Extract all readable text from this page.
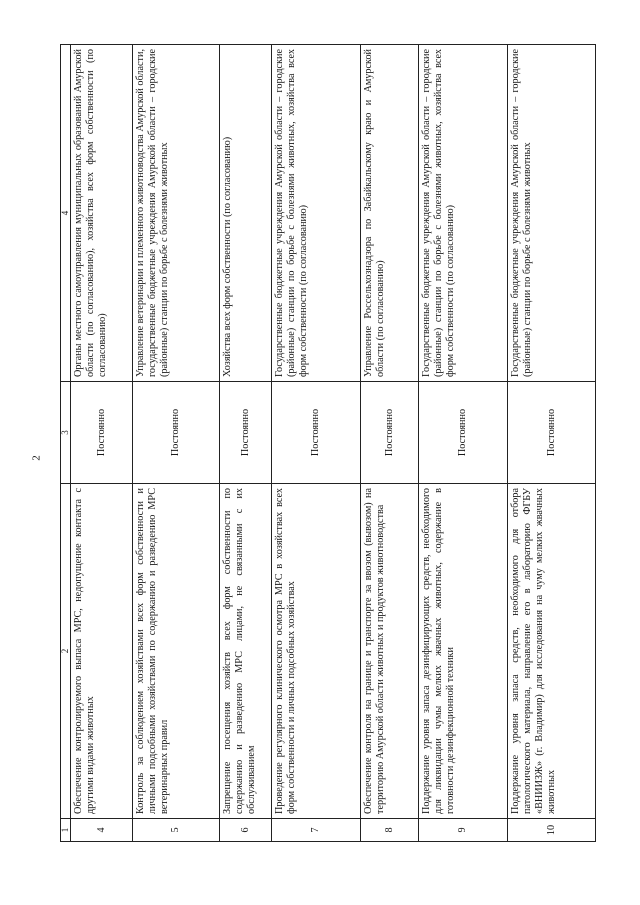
2
1	2	3	4
4	Обеспечение контролируемого выпаса МРС, недопущение контакта с другими видами животных	Постоянно	Органы местного самоуправления муниципальных образований Амурской области (по согласованию), хозяйства всех форм собственности (по согласованию)
5	Контроль за соблюдением хозяйствами всех форм собственности и личными подсобными хозяйствами по содержанию и разведению МРС ветеринарных правил	Постоянно	Управление ветеринарии и племенного животноводства Амурской области, государственные бюджетные учреждения Амурской области – городские (районные) станции по борьбе с болезнями животных
6	Запрещение посещения хозяйств всех форм собственности по содержанию и разведению МРС лицами, не связанными с их обслуживанием	Постоянно	Хозяйства всех форм собственности (по согласованию)
7	Проведение регулярного клинического осмотра МРС в хозяйствах всех форм собственности и личных подсобных хозяйствах	Постоянно	Государственные бюджетные учреждения Амурской области – городские (районные) станции по борьбе с болезнями животных, хозяйства всех форм собственности (по согласованию)
8	Обеспечение контроля на границе и транспорте за ввозом (вывозом) на территорию Амурской области животных и продуктов животноводства	Постоянно	Управление Россельхознадзора по Забайкальскому краю и Амурской области (по согласованию)
9	Поддержание уровня запаса дезинфицирующих средств, необходимого для ликвидации чумы мелких жвачных животных, содержание в готовности дезинфекционной техники	Постоянно	Государственные бюджетные учреждения Амурской области – городские (районные) станции по борьбе с болезнями животных, хозяйства всех форм собственности (по согласованию)
10	Поддержание уровня запаса средств, необходимого для отбора патологического материала, направление его в лабораторию ФГБУ «ВНИИЗЖ» (г. Владимир) для исследования на чуму мелких жвачных животных	Постоянно	Государственные бюджетные учреждения Амурской области – городские (районные) станции по борьбе с болезнями животных
